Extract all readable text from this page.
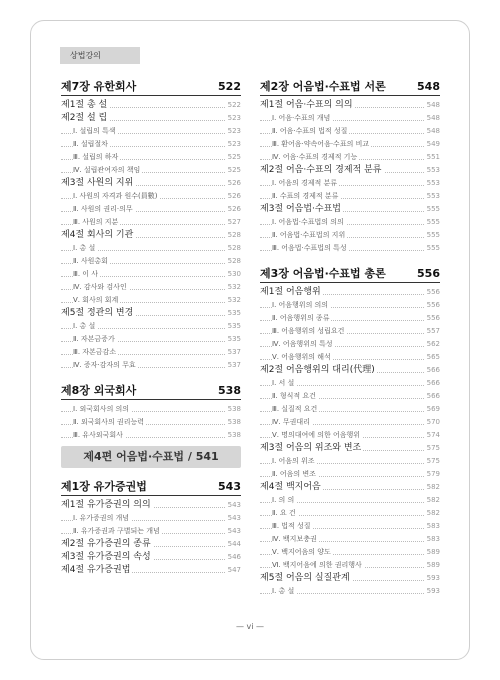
상법강의
제7장 유한회사	522
제1절 총 설	522
제2절 설 립	523
Ⅰ. 설립의 특색	523
Ⅱ. 설립절차	523
Ⅲ. 설립의 하자	525
Ⅳ. 설립관여자의 책임	525
제3절 사원의 지위	526
Ⅰ. 사원의 자격과 원수(員數)	526
Ⅱ. 사원의 권리·의무	526
Ⅲ. 사원의 지분	527
제4절 회사의 기관	528
Ⅰ. 총 설	528
Ⅱ. 사원총회	528
Ⅲ. 이 사	530
Ⅳ. 감사와 검사인	532
Ⅴ. 회사의 회계	532
제5절 정관의 변경	535
Ⅰ. 총 설	535
Ⅱ. 자본금증가	535
Ⅲ. 자본금감소	537
Ⅳ. 증자·감자의 무효	537
제8장 외국회사	538
Ⅰ. 외국회사의 의의	538
Ⅱ. 외국회사의 권리능력	538
Ⅲ. 유사외국회사	538
제4편 어음법·수표법 / 541
제1장 유가증권법	543
제1절 유가증권의 의의	543
Ⅰ. 유가증권의 개념	543
Ⅱ. 유가증권과 구별되는 개념	543
제2절 유가증권의 종류	544
제3절 유가증권의 속성	546
제4절 유가증권법	547
제2장 어음법·수표법 서론	548
제1절 어음·수표의 의의	548
Ⅰ. 어음·수표의 개념	548
Ⅱ. 어음·수표의 법적 성질	548
Ⅲ. 환어음·약속어음·수표의 비교	549
Ⅳ. 어음·수표의 경제적 기능	551
제2절 어음·수표의 경제적 분류	553
Ⅰ. 어음의 경제적 분류	553
Ⅱ. 수표의 경제적 분류	553
제3절 어음법·수표법	555
Ⅰ. 어음법·수표법의 의의	555
Ⅱ. 어음법·수표법의 지위	555
Ⅲ. 어음법·수표법의 특성	555
제3장 어음법·수표법 총론	556
제1절 어음행위	556
Ⅰ. 어음행위의 의의	556
Ⅱ. 어음행위의 종류	556
Ⅲ. 어음행위의 성립요건	557
Ⅳ. 어음행위의 특성	562
Ⅴ. 어음행위의 해석	565
제2절 어음행위의 대리(代理)	566
Ⅰ. 서 설	566
Ⅱ. 형식적 요건	566
Ⅲ. 실질적 요건	569
Ⅳ. 무권대리	570
Ⅴ. 명의대여에 의한 어음행위	574
제3절 어음의 위조와 변조	575
Ⅰ. 어음의 위조	575
Ⅱ. 어음의 변조	579
제4절 백지어음	582
Ⅰ. 의 의	582
Ⅱ. 요 건	582
Ⅲ. 법적 성질	583
Ⅳ. 백지보충권	583
Ⅴ. 백지어음의 양도	589
Ⅵ. 백지어음에 의한 권리행사	589
제5절 어음의 실질관계	593
Ⅰ. 총 설	593
— vi —
